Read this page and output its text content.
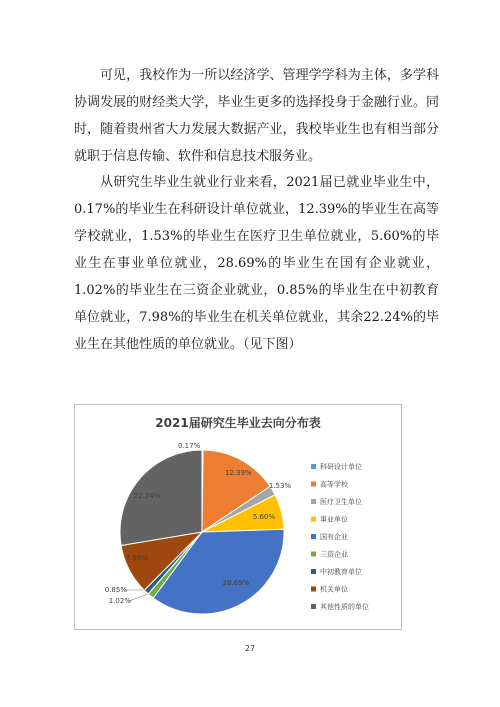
可见，我校作为一所以经济学、管理学学科为主体，多学科协调发展的财经类大学，毕业生更多的选择投身于金融行业。同时，随着贵州省大力发展大数据产业，我校毕业生也有相当部分就职于信息传输、软件和信息技术服务业。

从研究生毕业生就业行业来看，2021届已就业毕业生中，0.17%的毕业生在科研设计单位就业，12.39%的毕业生在高等学校就业，1.53%的毕业生在医疗卫生单位就业，5.60%的毕业生在事业单位就业，28.69%的毕业生在国有企业就业，1.02%的毕业生在三资企业就业，0.85%的毕业生在中初教育单位就业，7.98%的毕业生在机关单位就业，其余22.24%的毕业生在其他性质的单位就业。（见下图）

2021届研究生毕业去向分布表
0.17%
12.39%
1.53%
5.60%
28.69%
1.02%
0.85%
7.98%
22.24%
科研设计单位
高等学校
医疗卫生单位
事业单位
国有企业
三资企业
中初教育单位
机关单位
其他性质的单位
27
